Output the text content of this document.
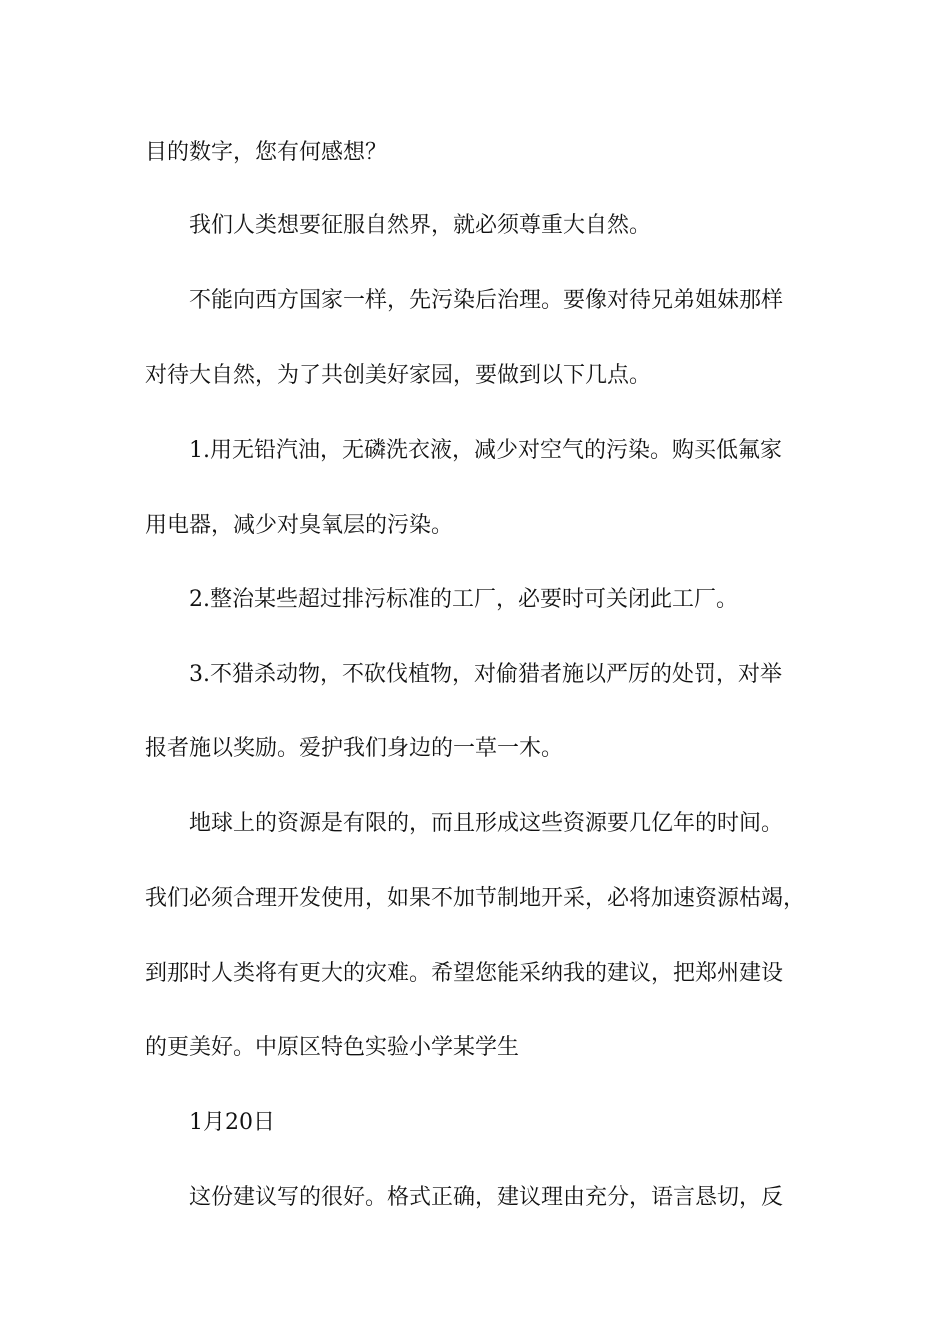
目的数字，您有何感想？
我们人类想要征服自然界，就必须尊重大自然。
不能向西方国家一样，先污染后治理。要像对待兄弟姐妹那样
对待大自然，为了共创美好家园，要做到以下几点。
1.用无铅汽油，无磷洗衣液，减少对空气的污染。购买低氟家
用电器，减少对臭氧层的污染。
2.整治某些超过排污标准的工厂，必要时可关闭此工厂。
3.不猎杀动物，不砍伐植物，对偷猎者施以严厉的处罚，对举
报者施以奖励。爱护我们身边的一草一木。
地球上的资源是有限的，而且形成这些资源要几亿年的时间。
我们必须合理开发使用，如果不加节制地开采，必将加速资源枯竭，
到那时人类将有更大的灾难。希望您能采纳我的建议，把郑州建设
的更美好。中原区特色实验小学某学生
1月20日
这份建议写的很好。格式正确，建议理由充分，语言恳切，反
